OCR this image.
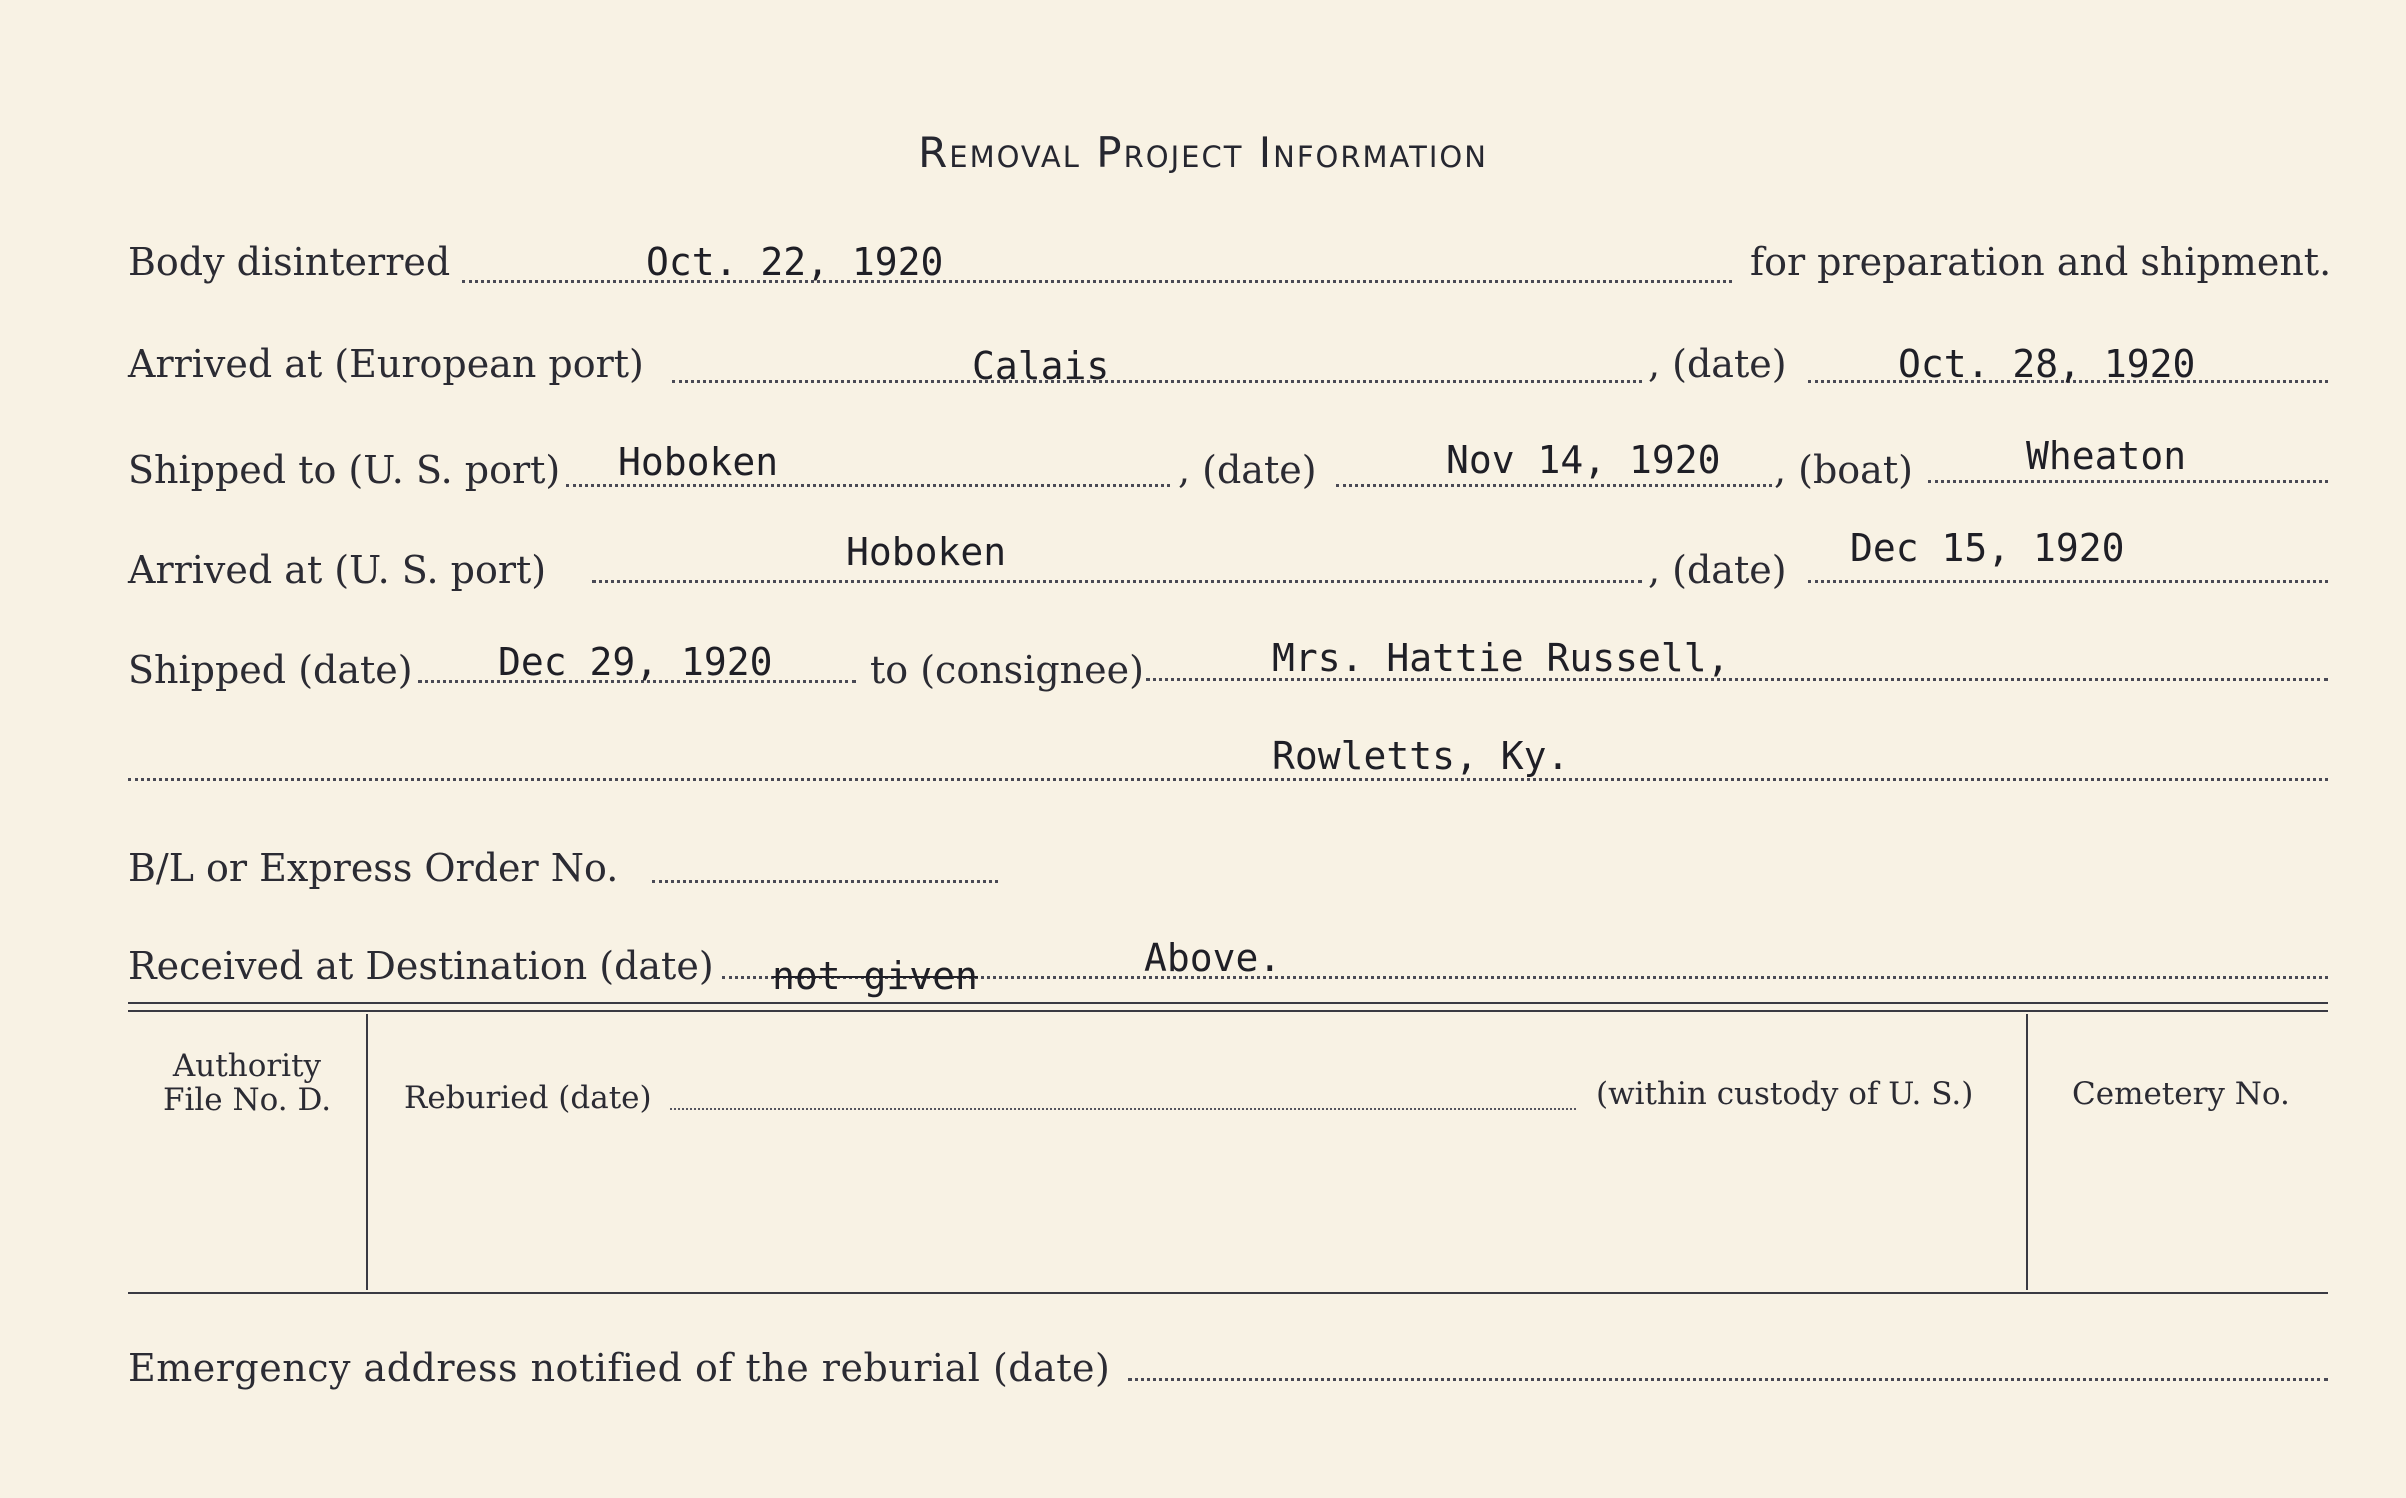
Removal Project Information
Body disinterred	Oct. 22, 1920	for preparation and shipment.
Arrived at (European port)	Calais	, (date)	Oct. 28, 1920
Shipped to (U. S. port) Hoboken	, (date)	Nov 14, 1920 , (boat)	Wheaton
Arrived at (U. S. port)	Hoboken	, (date) Dec 15, 1920
Shipped (date) Dec 29, 1920	to (consignee)	Mrs. Hattie Russell,
Rowletts, Ky.
B/L or Express Order No.
Received at Destination (date) not given	Above.
Authority
File No. D.	Reburied (date)	(within custody of U. S.)	Cemetery No.
Emergency address notified of the reburial (date)
